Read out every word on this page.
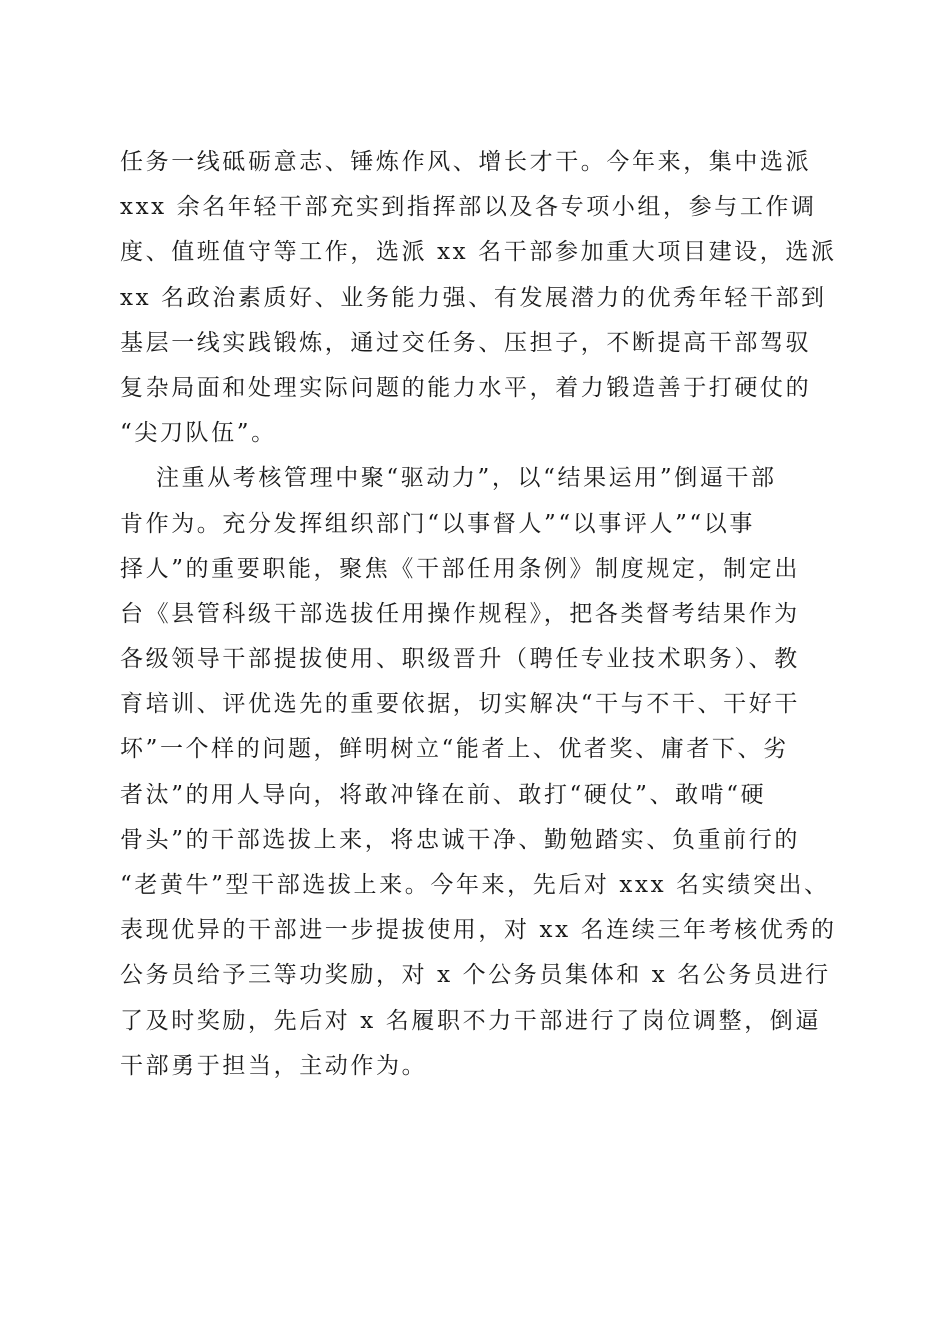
任务一线砥砺意志、锤炼作风、增长才干。今年来，集中选派
xxx 余名年轻干部充实到指挥部以及各专项小组，参与工作调
度、值班值守等工作，选派 xx 名干部参加重大项目建设，选派
xx 名政治素质好、业务能力强、有发展潜力的优秀年轻干部到
基层一线实践锻炼，通过交任务、压担子，不断提高干部驾驭
复杂局面和处理实际问题的能力水平，着力锻造善于打硬仗的
“尖刀队伍”。
注重从考核管理中聚“驱动力”，以“结果运用”倒逼干部
肯作为。充分发挥组织部门“以事督人”“以事评人”“以事
择人”的重要职能，聚焦《干部任用条例》制度规定，制定出
台《县管科级干部选拔任用操作规程》，把各类督考结果作为
各级领导干部提拔使用、职级晋升（聘任专业技术职务）、教
育培训、评优选先的重要依据，切实解决“干与不干、干好干
坏”一个样的问题，鲜明树立“能者上、优者奖、庸者下、劣
者汰”的用人导向，将敢冲锋在前、敢打“硬仗”、敢啃“硬
骨头”的干部选拔上来，将忠诚干净、勤勉踏实、负重前行的
“老黄牛”型干部选拔上来。今年来，先后对 xxx 名实绩突出、
表现优异的干部进一步提拔使用，对 xx 名连续三年考核优秀的
公务员给予三等功奖励，对 x 个公务员集体和 x 名公务员进行
了及时奖励，先后对 x 名履职不力干部进行了岗位调整，倒逼
干部勇于担当，主动作为。
